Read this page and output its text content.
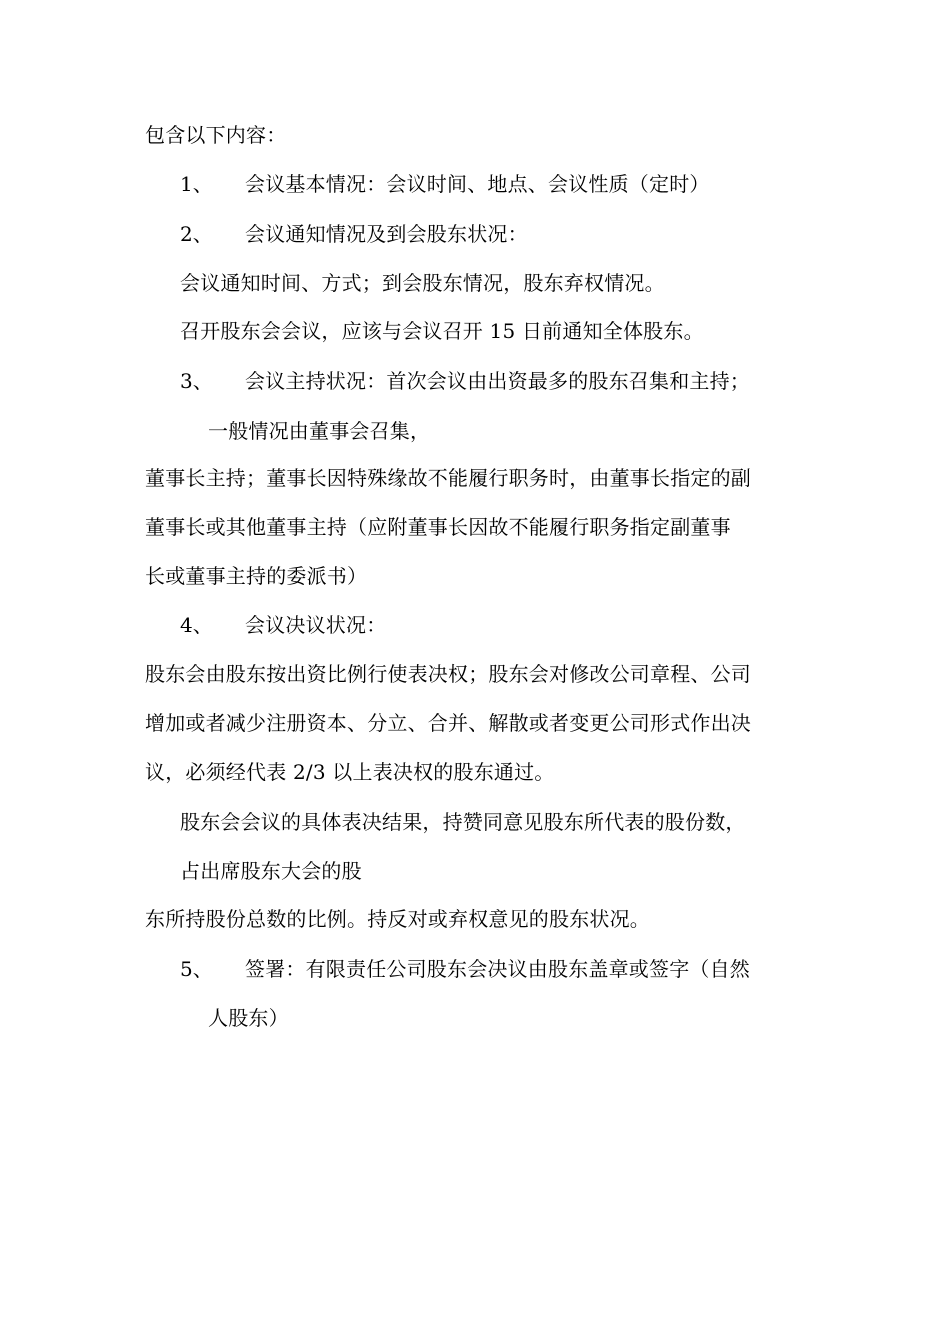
包含以下内容：
1、 会议基本情况：会议时间、地点、会议性质（定时）
2、 会议通知情况及到会股东状况：
会议通知时间、方式；到会股东情况，股东弃权情况。
召开股东会会议，应该与会议召开 15 日前通知全体股东。
3、 会议主持状况：首次会议由出资最多的股东召集和主持；
一般情况由董事会召集，
董事长主持；董事长因特殊缘故不能履行职务时，由董事长指定的副
董事长或其他董事主持（应附董事长因故不能履行职务指定副董事
长或董事主持的委派书）
4、 会议决议状况：
股东会由股东按出资比例行使表决权；股东会对修改公司章程、公司
增加或者减少注册资本、分立、合并、解散或者变更公司形式作出决
议，必须经代表 2/3 以上表决权的股东通过。
股东会会议的具体表决结果，持赞同意见股东所代表的股份数，
占出席股东大会的股
东所持股份总数的比例。持反对或弃权意见的股东状况。
5、 签署：有限责任公司股东会决议由股东盖章或签字（自然
人股东）
